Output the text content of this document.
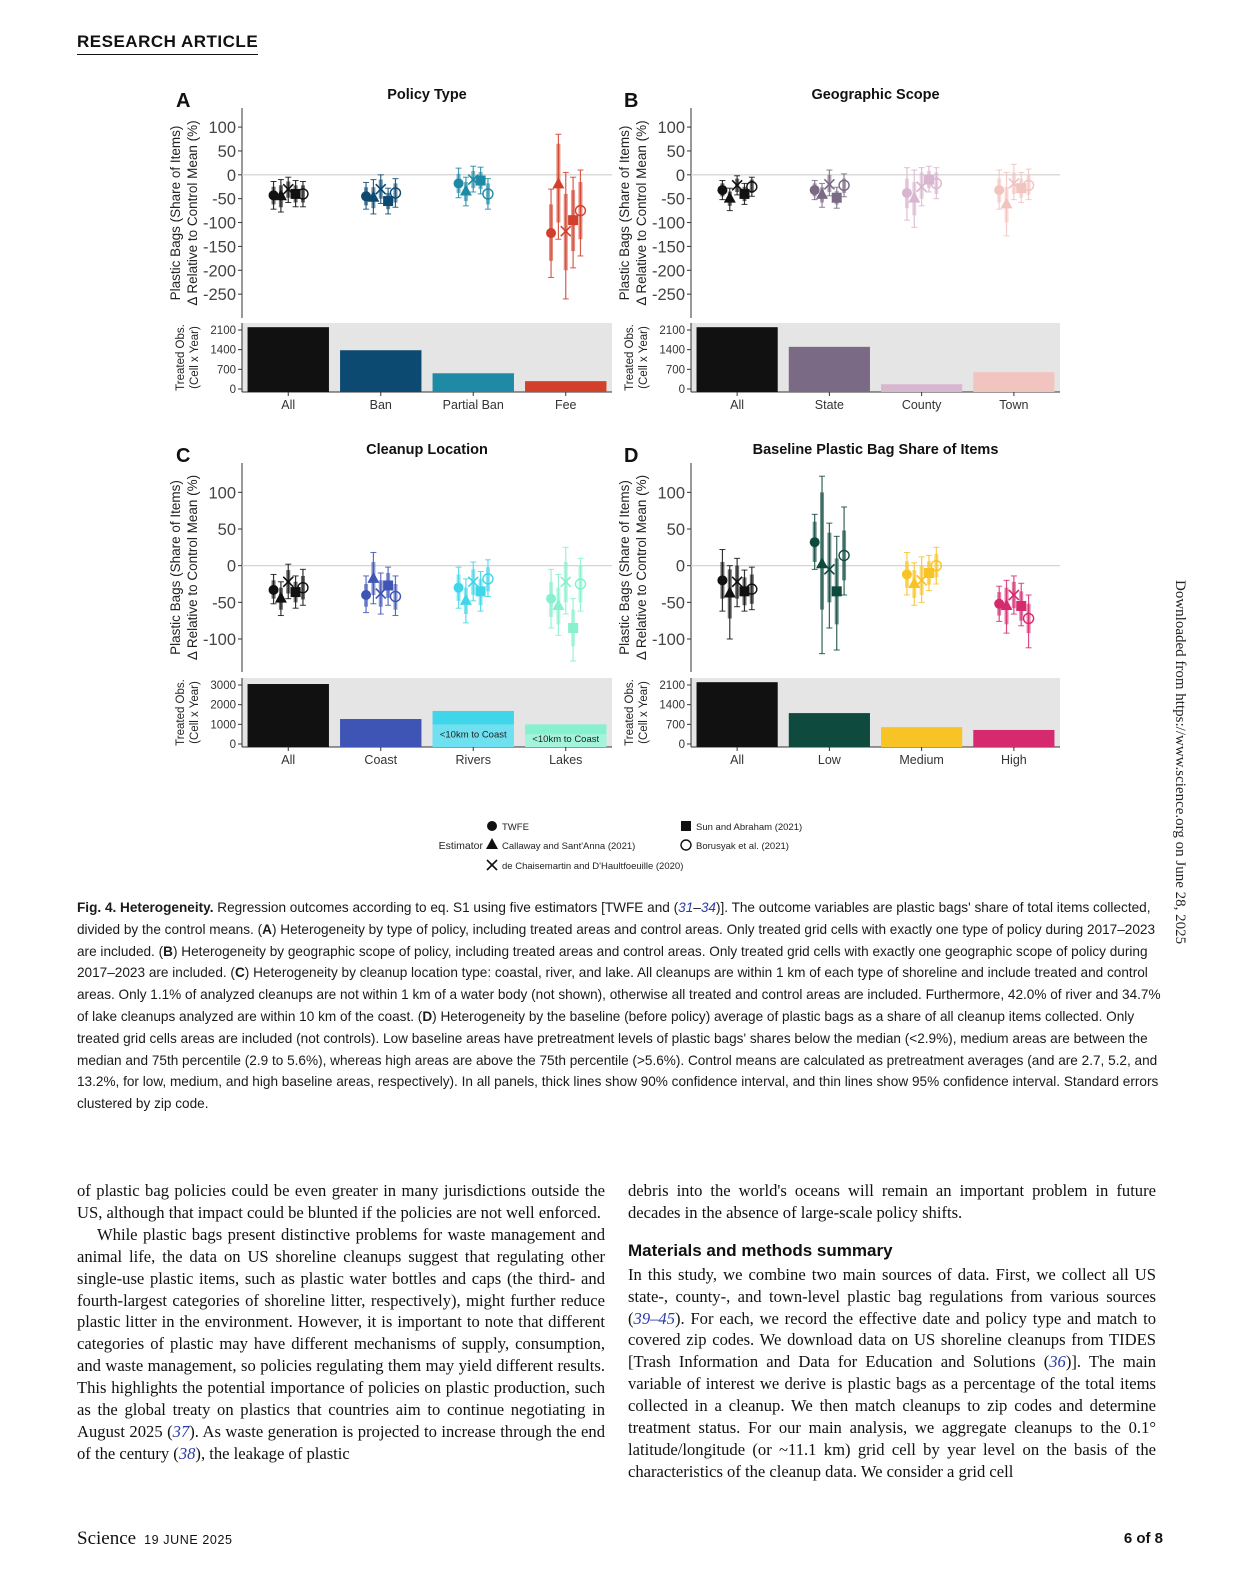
RESEARCH ARTICLE
A	Policy Type
100
50
0
-50
-100
-150
-200
-250
Plastic Bags (Share of Items) Δ Relative to Control Mean (%)
2100
1400
700
0
Treated Obs. (Cell x Year)
All	Ban	Partial Ban	Fee
B	Geographic Scope
100
50
0
-50
-100
-150
-200
-250
Plastic Bags (Share of Items) Δ Relative to Control Mean (%)
2100
1400
700
0
Treated Obs. (Cell x Year)
All	State	County	Town
C	Cleanup Location
100
50
0
-50
-100
Plastic Bags (Share of Items) Δ Relative to Control Mean (%)
3000
2000
1000
0
Treated Obs. (Cell x Year)
All	Coast
<10km to Coast
Rivers
<10km to Coast
Lakes
D	Baseline Plastic Bag Share of Items
100
50
0
-50
-100
Plastic Bags (Share of Items) Δ Relative to Control Mean (%)
2100
1400
700
0
Treated Obs. (Cell x Year)
All	Low	Medium	High
Estimator
TWFE
Callaway and Sant'Anna (2021)
de Chaisemartin and D'Haultfoeuille (2020)
Sun and Abraham (2021)
Borusyak et al. (2021)
Fig. 4. Heterogeneity. Regression outcomes according to eq. S1 using five estimators [TWFE and (31–34)]. The outcome variables are plastic bags' share of total items collected, divided by the control means. (A) Heterogeneity by type of policy, including treated areas and control areas. Only treated grid cells with exactly one type of policy during 2017–2023 are included. (B) Heterogeneity by geographic scope of policy, including treated areas and control areas. Only treated grid cells with exactly one geographic scope of policy during 2017–2023 are included. (C) Heterogeneity by cleanup location type: coastal, river, and lake. All cleanups are within 1 km of each type of shoreline and include treated and control areas. Only 1.1% of analyzed cleanups are not within 1 km of a water body (not shown), otherwise all treated and control areas are included. Furthermore, 42.0% of river and 34.7% of lake cleanups analyzed are within 10 km of the coast. (D) Heterogeneity by the baseline (before policy) average of plastic bags as a share of all cleanup items collected. Only treated grid cells areas are included (not controls). Low baseline areas have pretreatment levels of plastic bags' shares below the median (<2.9%), medium areas are between the median and 75th percentile (2.9 to 5.6%), whereas high areas are above the 75th percentile (>5.6%). Control means are calculated as pretreatment averages (and are 2.7, 5.2, and 13.2%, for low, medium, and high baseline areas, respectively). In all panels, thick lines show 90% confidence interval, and thin lines show 95% confidence interval. Standard errors clustered by zip code.

of plastic bag policies could be even greater in many jurisdictions outside the US, although that impact could be blunted if the policies are not well enforced.

While plastic bags present distinctive problems for waste management and animal life, the data on US shoreline cleanups suggest that regulating other single-use plastic items, such as plastic water bottles and caps (the third- and fourth-largest categories of shoreline litter, respectively), might further reduce plastic litter in the environment. However, it is important to note that different categories of plastic may have different mechanisms of supply, consumption, and waste management, so policies regulating them may yield different results. This highlights the potential importance of policies on plastic production, such as the global treaty on plastics that countries aim to continue negotiating in August 2025 (37). As waste generation is projected to increase through the end of the century (38), the leakage of plastic

debris into the world's oceans will remain an important problem in future decades in the absence of large-scale policy shifts.

Materials and methods summary

In this study, we combine two main sources of data. First, we collect all US state-, county-, and town-level plastic bag regulations from various sources (39–45). For each, we record the effective date and policy type and match to covered zip codes. We download data on US shoreline cleanups from TIDES [Trash Information and Data for Education and Solutions (36)]. The main variable of interest we derive is plastic bags as a percentage of the total items collected in a cleanup. We then match cleanups to zip codes and determine treatment status. For our main analysis, we aggregate cleanups to the 0.1° latitude/longitude (or ~11.1 km) grid cell by year level on the basis of the characteristics of the cleanup data. We consider a grid cell

Downloaded from https://www.science.org on June 28, 2025
Science 19 JUNE 2025	6 of 8
